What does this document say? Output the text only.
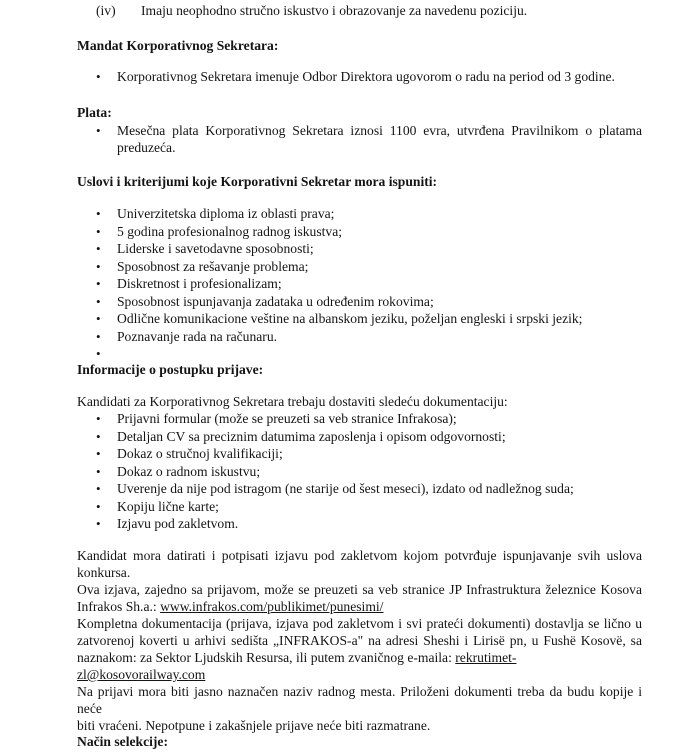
(iv) Imaju neophodno stručno iskustvo i obrazovanje za navedenu poziciju.
Mandat Korporativnog Sekretara:
• Korporativnog Sekretara imenuje Odbor Direktora ugovorom o radu na period od 3 godine.
Plata:
• Mesečna plata Korporativnog Sekretara iznosi 1100 evra, utvrđena Pravilnikom o platama
preduzeća.
Uslovi i kriterijumi koje Korporativni Sekretar mora ispuniti:
• Univerzitetska diploma iz oblasti prava;
• 5 godina profesionalnog radnog iskustva;
• Liderske i savetodavne sposobnosti;
• Sposobnost za rešavanje problema;
• Diskretnost i profesionalizam;
• Sposobnost ispunjavanja zadataka u određenim rokovima;
• Odlične komunikacione veštine na albanskom jeziku, poželjan engleski i srpski jezik;
• Poznavanje rada na računaru.
•
Informacije o postupku prijave:
Kandidati za Korporativnog Sekretara trebaju dostaviti sledeću dokumentaciju:
• Prijavni formular (može se preuzeti sa veb stranice Infrakosa);
• Detaljan CV sa preciznim datumima zaposlenja i opisom odgovornosti;
• Dokaz o stručnoj kvalifikaciji;
• Dokaz o radnom iskustvu;
• Uverenje da nije pod istragom (ne starije od šest meseci), izdato od nadležnog suda;
• Kopiju lične karte;
• Izjavu pod zakletvom.
Kandidat mora datirati i potpisati izjavu pod zakletvom kojom potvrđuje ispunjavanje svih uslova konkursa.
Ova izjava, zajedno sa prijavom, može se preuzeti sa veb stranice JP Infrastruktura železnice Kosova
Infrakos Sh.a.: www.infrakos.com/publikimet/punesimi/
Kompletna dokumentacija (prijava, izjava pod zakletvom i svi prateći dokumenti) dostavlja se lično u
zatvorenoj koverti u arhivi sedišta „INFRAKOS-a" na adresi Sheshi i Lirisë pn, u Fushë Kosovë, sa
naznakom: za Sektor Ljudskih Resursa, ili putem zvaničnog e-maila: rekrutimet-zl@kosovorailway.com
Na prijavi mora biti jasno naznačen naziv radnog mesta. Priloženi dokumenti treba da budu kopije i neće
biti vraćeni. Nepotpune i zakašnjele prijave neće biti razmatrane.
Način selekcije:
